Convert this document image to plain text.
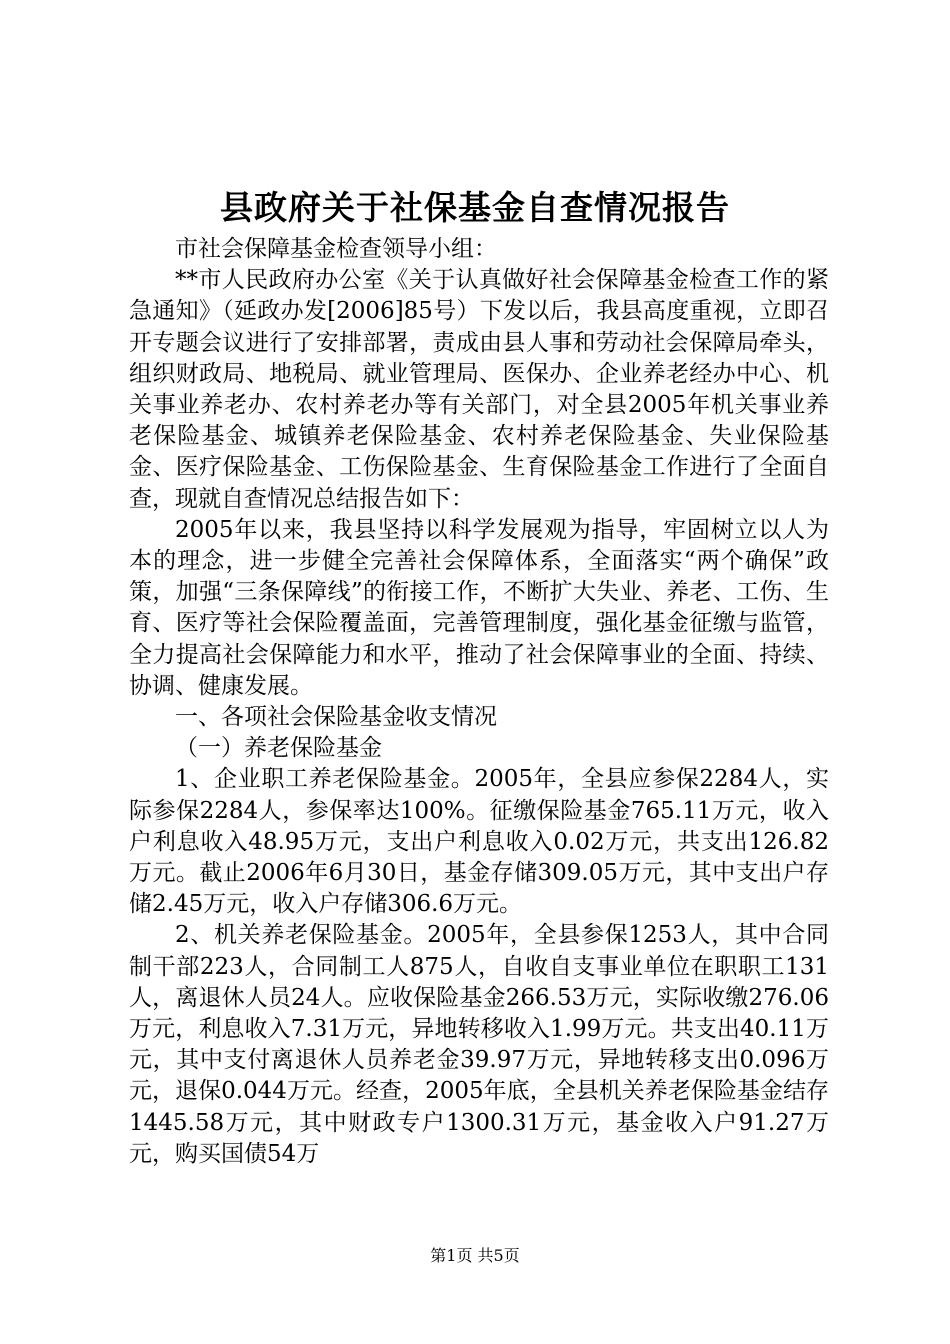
县政府关于社保基金自查情况报告

市社会保障基金检查领导小组：

**市人民政府办公室《关于认真做好社会保障基金检查工作的紧急通知》（延政办发[2006]85号）下发以后，我县高度重视，立即召开专题会议进行了安排部署，责成由县人事和劳动社会保障局牵头，组织财政局、地税局、就业管理局、医保办、企业养老经办中心、机关事业养老办、农村养老办等有关部门，对全县2005年机关事业养老保险基金、城镇养老保险基金、农村养老保险基金、失业保险基金、医疗保险基金、工伤保险基金、生育保险基金工作进行了全面自查，现就自查情况总结报告如下：

2005年以来，我县坚持以科学发展观为指导，牢固树立以人为本的理念，进一步健全完善社会保障体系，全面落实“两个确保”政策，加强“三条保障线”的衔接工作，不断扩大失业、养老、工伤、生育、医疗等社会保险覆盖面，完善管理制度，强化基金征缴与监管，全力提高社会保障能力和水平，推动了社会保障事业的全面、持续、协调、健康发展。

一、各项社会保险基金收支情况

（一）养老保险基金

1、企业职工养老保险基金。2005年，全县应参保2284人，实际参保2284人，参保率达100%。征缴保险基金765.11万元，收入户利息收入48.95万元，支出户利息收入0.02万元，共支出126.82万元。截止2006年6月30日，基金存储309.05万元，其中支出户存储2.45万元，收入户存储306.6万元。

2、机关养老保险基金。2005年，全县参保1253人，其中合同制干部223人，合同制工人875人，自收自支事业单位在职职工131人，离退休人员24人。应收保险基金266.53万元，实际收缴276.06万元，利息收入7.31万元，异地转移收入1.99万元。共支出40.11万元，其中支付离退休人员养老金39.97万元，异地转移支出0.096万元，退保0.044万元。经查，2005年底，全县机关养老保险基金结存1445.58万元，其中财政专户1300.31万元，基金收入户91.27万元，购买国债54万

第1页 共5页
